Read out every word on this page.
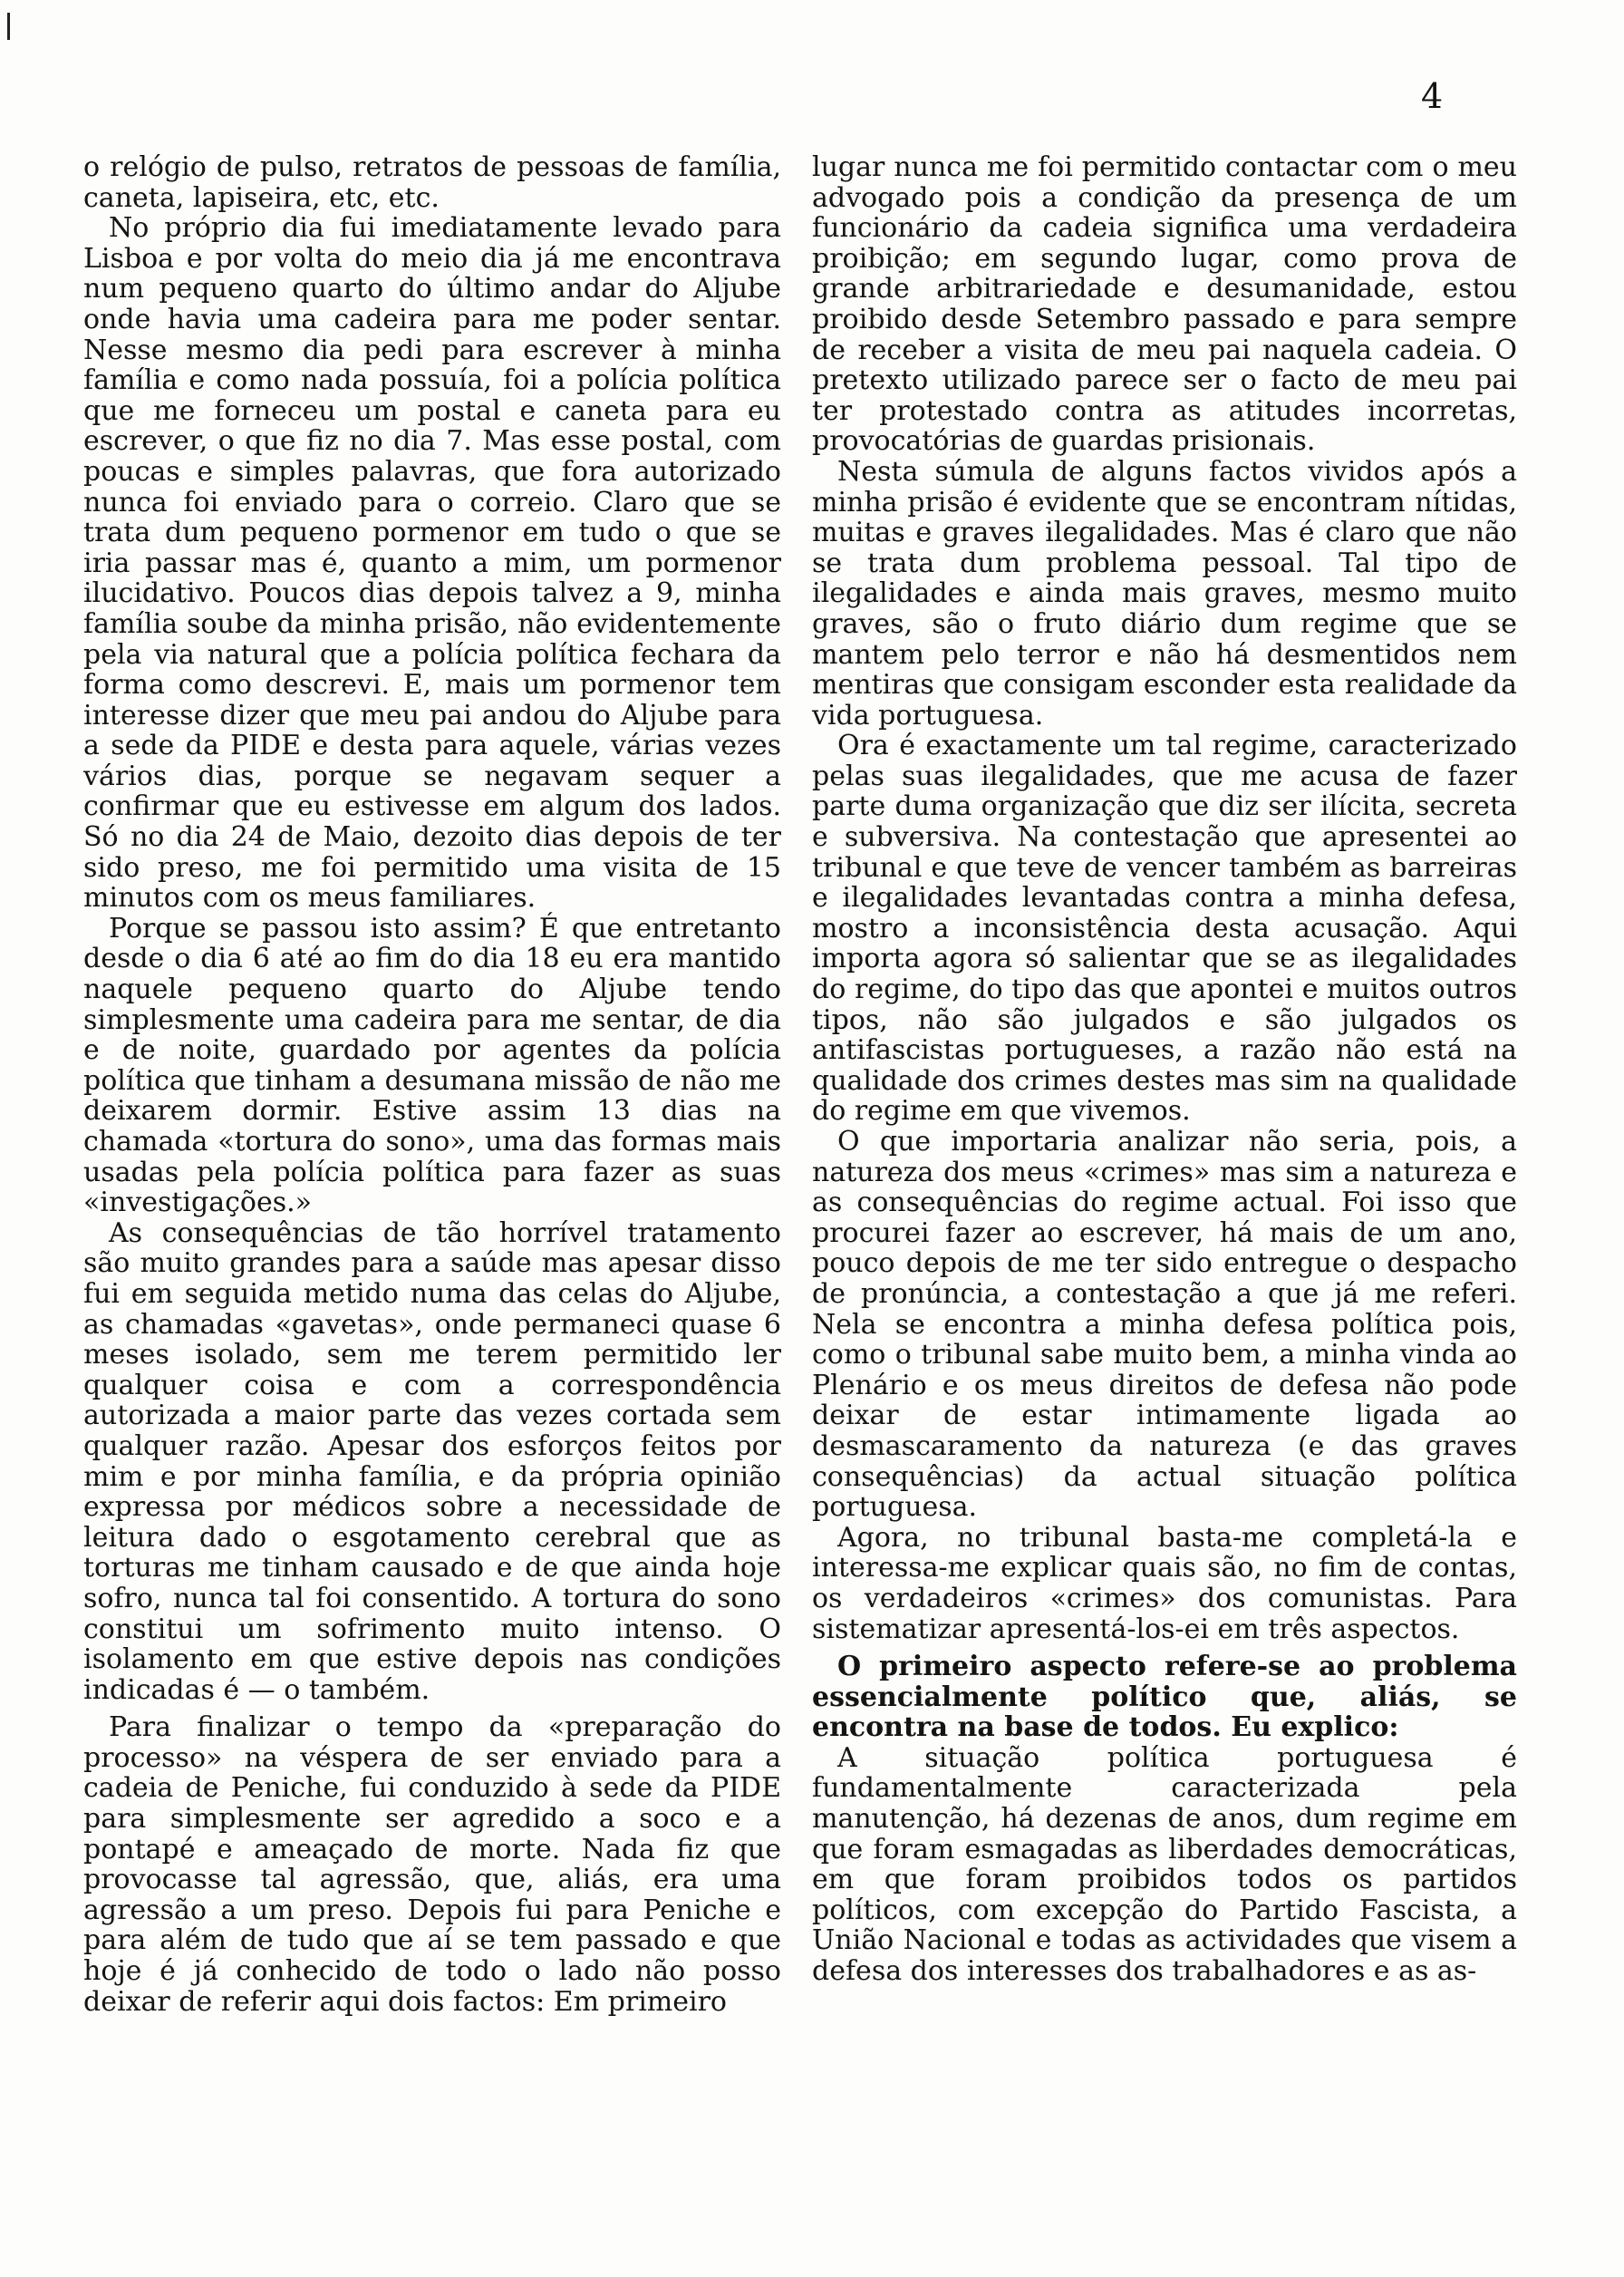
4

o relógio de pulso, retratos de pessoas de família, caneta, lapiseira, etc, etc.

No próprio dia fui imediatamente levado para Lisboa e por volta do meio dia já me encontrava num pequeno quarto do último andar do Aljube onde havia uma cadeira para me poder sentar. Nesse mesmo dia pedi para escrever à minha família e como nada possuía, foi a polícia política que me forneceu um postal e caneta para eu escrever, o que fiz no dia 7. Mas esse postal, com poucas e simples palavras, que fora autorizado nunca foi enviado para o correio. Claro que se trata dum pequeno pormenor em tudo o que se iria passar mas é, quanto a mim, um pormenor ilucidativo. Poucos dias depois talvez a 9, minha família soube da minha prisão, não evidentemente pela via natural que a polícia política fechara da forma como descrevi. E, mais um pormenor tem interesse dizer que meu pai andou do Aljube para a sede da PIDE e desta para aquele, várias vezes vários dias, porque se negavam sequer a confirmar que eu estivesse em algum dos lados. Só no dia 24 de Maio, dezoito dias depois de ter sido preso, me foi permitido uma visita de 15 minutos com os meus familiares.

Porque se passou isto assim? É que entretanto desde o dia 6 até ao fim do dia 18 eu era mantido naquele pequeno quarto do Aljube tendo simplesmente uma cadeira para me sentar, de dia e de noite, guardado por agentes da polícia política que tinham a desumana missão de não me deixarem dormir. Estive assim 13 dias na chamada «tortura do sono», uma das formas mais usadas pela polícia política para fazer as suas «investigações.»

As consequências de tão horrível tratamento são muito grandes para a saúde mas apesar disso fui em seguida metido numa das celas do Aljube, as chamadas «gavetas», onde permaneci quase 6 meses isolado, sem me terem permitido ler qualquer coisa e com a correspondência autorizada a maior parte das vezes cortada sem qualquer razão. Apesar dos esforços feitos por mim e por minha família, e da própria opinião expressa por médicos sobre a necessidade de leitura dado o esgotamento cerebral que as torturas me tinham causado e de que ainda hoje sofro, nunca tal foi consentido. A tortura do sono constitui um sofrimento muito intenso. O isolamento em que estive depois nas condições indicadas é — o também.

Para finalizar o tempo da «preparação do processo» na véspera de ser enviado para a cadeia de Peniche, fui conduzido à sede da PIDE para simplesmente ser agredido a soco e a pontapé e ameaçado de morte. Nada fiz que provocasse tal agressão, que, aliás, era uma agressão a um preso. Depois fui para Peniche e para além de tudo que aí se tem passado e que hoje é já conhecido de todo o lado não posso deixar de referir aqui dois factos: Em primeiro

lugar nunca me foi permitido contactar com o meu advogado pois a condição da presença de um funcionário da cadeia significa uma verdadeira proibição; em segundo lugar, como prova de grande arbitrariedade e desumanidade, estou proibido desde Setembro passado e para sempre de receber a visita de meu pai naquela cadeia. O pretexto utilizado parece ser o facto de meu pai ter protestado contra as atitudes incorretas, provocatórias de guardas prisionais.

Nesta súmula de alguns factos vividos após a minha prisão é evidente que se encontram nítidas, muitas e graves ilegalidades. Mas é claro que não se trata dum problema pessoal. Tal tipo de ilegalidades e ainda mais graves, mesmo muito graves, são o fruto diário dum regime que se mantem pelo terror e não há desmentidos nem mentiras que consigam esconder esta realidade da vida portuguesa.

Ora é exactamente um tal regime, caracterizado pelas suas ilegalidades, que me acusa de fazer parte duma organização que diz ser ilícita, secreta e subversiva. Na contestação que apresentei ao tribunal e que teve de vencer também as barreiras e ilegalidades levantadas contra a minha defesa, mostro a inconsistência desta acusação. Aqui importa agora só salientar que se as ilegalidades do regime, do tipo das que apontei e muitos outros tipos, não são julgados e são julgados os antifascistas portugueses, a razão não está na qualidade dos crimes destes mas sim na qualidade do regime em que vivemos.

O que importaria analizar não seria, pois, a natureza dos meus «crimes» mas sim a natureza e as consequências do regime actual. Foi isso que procurei fazer ao escrever, há mais de um ano, pouco depois de me ter sido entregue o despacho de pronúncia, a contestação a que já me referi. Nela se encontra a minha defesa política pois, como o tribunal sabe muito bem, a minha vinda ao Plenário e os meus direitos de defesa não pode deixar de estar intimamente ligada ao desmascaramento da natureza (e das graves consequências) da actual situação política portuguesa.

Agora, no tribunal basta-me completá-la e interessa-me explicar quais são, no fim de contas, os verdadeiros «crimes» dos comunistas. Para sistematizar apresentá-los-ei em três aspectos.

O primeiro aspecto refere-se ao problema essencialmente político que, aliás, se encontra na base de todos. Eu explico:

A situação política portuguesa é fundamentalmente caracterizada pela manutenção, há dezenas de anos, dum regime em que foram esmagadas as liberdades democráticas, em que foram proibidos todos os partidos políticos, com excepção do Partido Fascista, a União Nacional e todas as actividades que visem a defesa dos interesses dos trabalhadores e as as-
